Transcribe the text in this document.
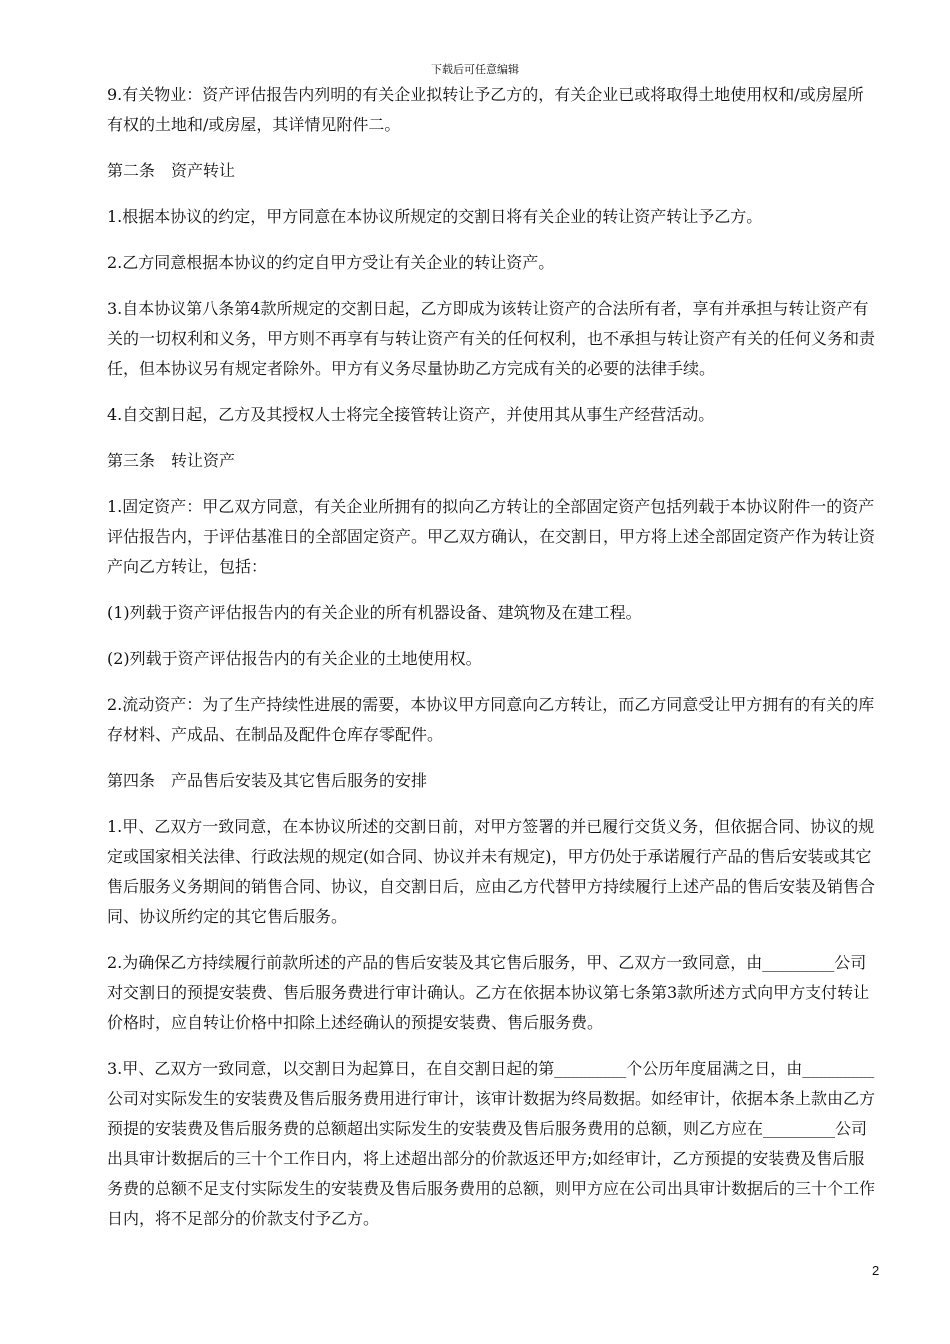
下载后可任意编辑

9.有关物业：资产评估报告内列明的有关企业拟转让予乙方的，有关企业已或将取得土地使用权和/或房屋所有权的土地和/或房屋，其详情见附件二。

第二条　资产转让

1.根据本协议的约定，甲方同意在本协议所规定的交割日将有关企业的转让资产转让予乙方。

2.乙方同意根据本协议的约定自甲方受让有关企业的转让资产。

3.自本协议第八条第4款所规定的交割日起，乙方即成为该转让资产的合法所有者，享有并承担与转让资产有关的一切权利和义务，甲方则不再享有与转让资产有关的任何权利，也不承担与转让资产有关的任何义务和责任，但本协议另有规定者除外。甲方有义务尽量协助乙方完成有关的必要的法律手续。

4.自交割日起，乙方及其授权人士将完全接管转让资产，并使用其从事生产经营活动。

第三条　转让资产

1.固定资产：甲乙双方同意，有关企业所拥有的拟向乙方转让的全部固定资产包括列载于本协议附件一的资产评估报告内，于评估基准日的全部固定资产。甲乙双方确认，在交割日，甲方将上述全部固定资产作为转让资产向乙方转让，包括：

(1)列载于资产评估报告内的有关企业的所有机器设备、建筑物及在建工程。

(2)列载于资产评估报告内的有关企业的土地使用权。

2.流动资产：为了生产持续性进展的需要，本协议甲方同意向乙方转让，而乙方同意受让甲方拥有的有关的库存材料、产成品、在制品及配件仓库存零配件。

第四条　产品售后安装及其它售后服务的安排

1.甲、乙双方一致同意，在本协议所述的交割日前，对甲方签署的并已履行交货义务，但依据合同、协议的规定或国家相关法律、行政法规的规定(如合同、协议并未有规定)，甲方仍处于承诺履行产品的售后安装或其它售后服务义务期间的销售合同、协议，自交割日后，应由乙方代替甲方持续履行上述产品的售后安装及销售合同、协议所约定的其它售后服务。

2.为确保乙方持续履行前款所述的产品的售后安装及其它售后服务，甲、乙双方一致同意，由_________公司对交割日的预提安装费、售后服务费进行审计确认。乙方在依据本协议第七条第3款所述方式向甲方支付转让价格时，应自转让价格中扣除上述经确认的预提安装费、售后服务费。

3.甲、乙双方一致同意，以交割日为起算日，在自交割日起的第_________个公历年度届满之日，由_________公司对实际发生的安装费及售后服务费用进行审计，该审计数据为终局数据。如经审计，依据本条上款由乙方预提的安装费及售后服务费的总额超出实际发生的安装费及售后服务费用的总额，则乙方应在_________公司出具审计数据后的三十个工作日内，将上述超出部分的价款返还甲方;如经审计，乙方预提的安装费及售后服务费的总额不足支付实际发生的安装费及售后服务费用的总额，则甲方应在公司出具审计数据后的三十个工作日内，将不足部分的价款支付予乙方。

2
